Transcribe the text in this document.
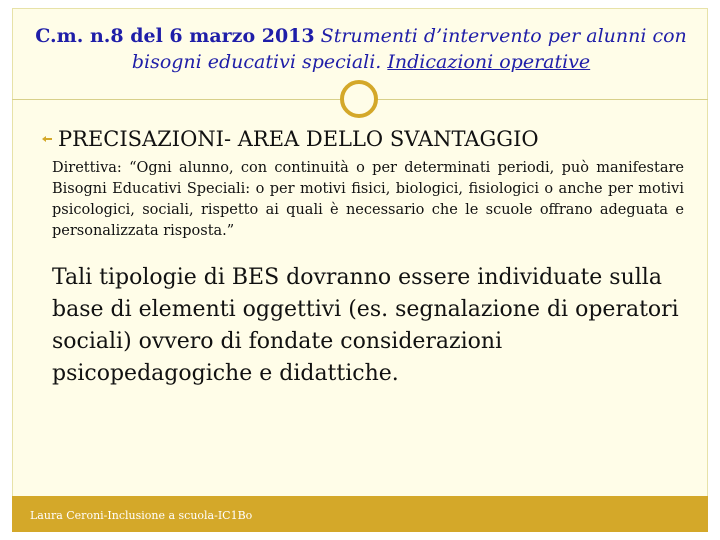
C.m. n.8 del 6 marzo 2013 Strumenti d’intervento per alunni con
bisogni educativi speciali. Indicazioni operative
PRECISAZIONI- AREA DELLO SVANTAGGIO
Direttiva: “Ogni alunno, con continuità o per determinati periodi, può manifestare Bisogni Educativi Speciali: o per motivi fisici, biologici, fisiologici o anche per motivi psicologici, sociali, rispetto ai quali è necessario che le scuole offrano adeguata e personalizzata risposta.”
Tali tipologie di BES dovranno essere individuate sulla base di elementi oggettivi (es. segnalazione di operatori sociali) ovvero di fondate considerazioni psicopedagogiche e didattiche.
Laura Ceroni-Inclusione a scuola-IC1Bo
